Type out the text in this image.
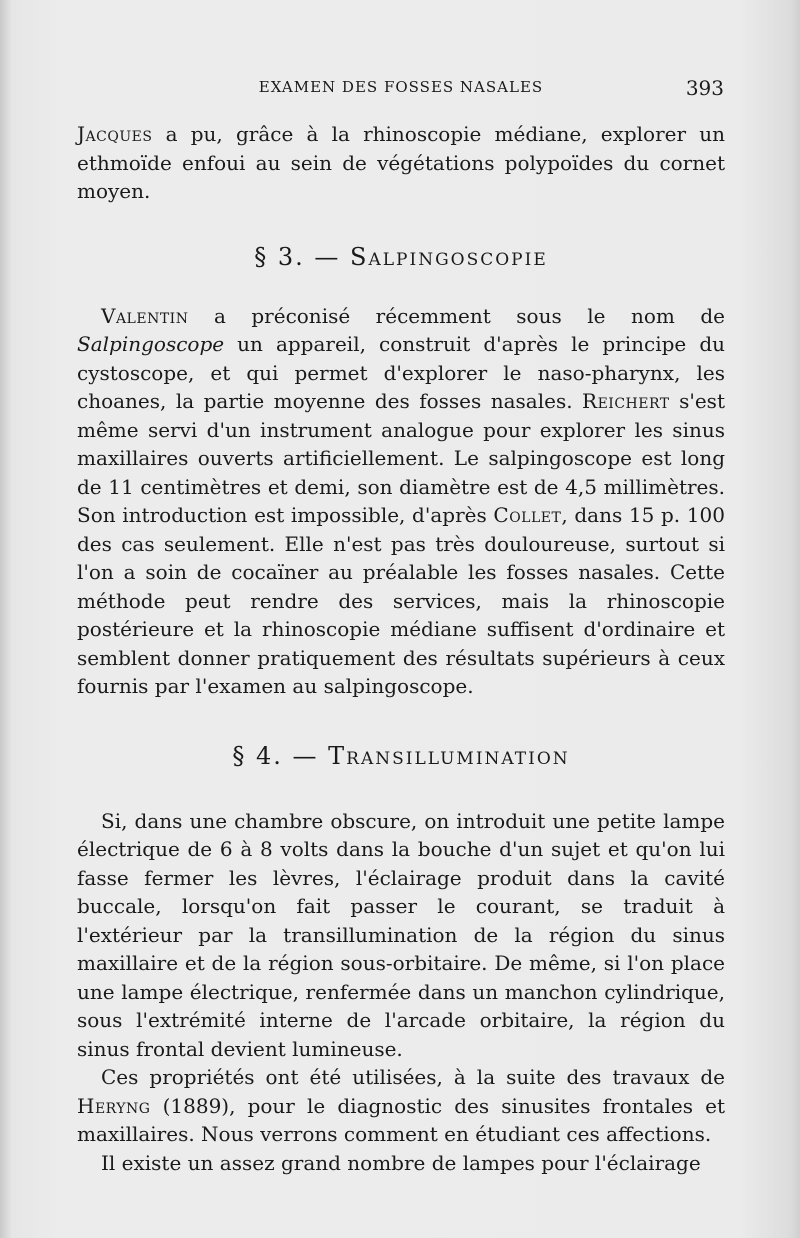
EXAMEN DES FOSSES NASALES	393

Jacques a pu, grâce à la rhinoscopie médiane, explorer un ethmoïde enfoui au sein de végétations polypoïdes du cornet moyen.

§ 3. — Salpingoscopie

Valentin a préconisé récemment sous le nom de Salpingoscope un appareil, construit d'après le principe du cystoscope, et qui permet d'explorer le naso-pharynx, les choanes, la partie moyenne des fosses nasales. Reichert s'est même servi d'un instrument analogue pour explorer les sinus maxillaires ouverts artificiellement. Le salpingoscope est long de 11 centimètres et demi, son diamètre est de 4,5 millimètres. Son introduction est impossible, d'après Collet, dans 15 p. 100 des cas seulement. Elle n'est pas très douloureuse, surtout si l'on a soin de cocaïner au préalable les fosses nasales. Cette méthode peut rendre des services, mais la rhinoscopie postérieure et la rhinoscopie médiane suffisent d'ordinaire et semblent donner pratiquement des résultats supérieurs à ceux fournis par l'examen au salpingoscope.

§ 4. — Transillumination

Si, dans une chambre obscure, on introduit une petite lampe électrique de 6 à 8 volts dans la bouche d'un sujet et qu'on lui fasse fermer les lèvres, l'éclairage produit dans la cavité buccale, lorsqu'on fait passer le courant, se traduit à l'extérieur par la transillumination de la région du sinus maxillaire et de la région sous-orbitaire. De même, si l'on place une lampe électrique, renfermée dans un manchon cylindrique, sous l'extrémité interne de l'arcade orbitaire, la région du sinus frontal devient lumineuse.

Ces propriétés ont été utilisées, à la suite des travaux de Heryng (1889), pour le diagnostic des sinusites frontales et maxillaires. Nous verrons comment en étudiant ces affections.

Il existe un assez grand nombre de lampes pour l'éclairage
